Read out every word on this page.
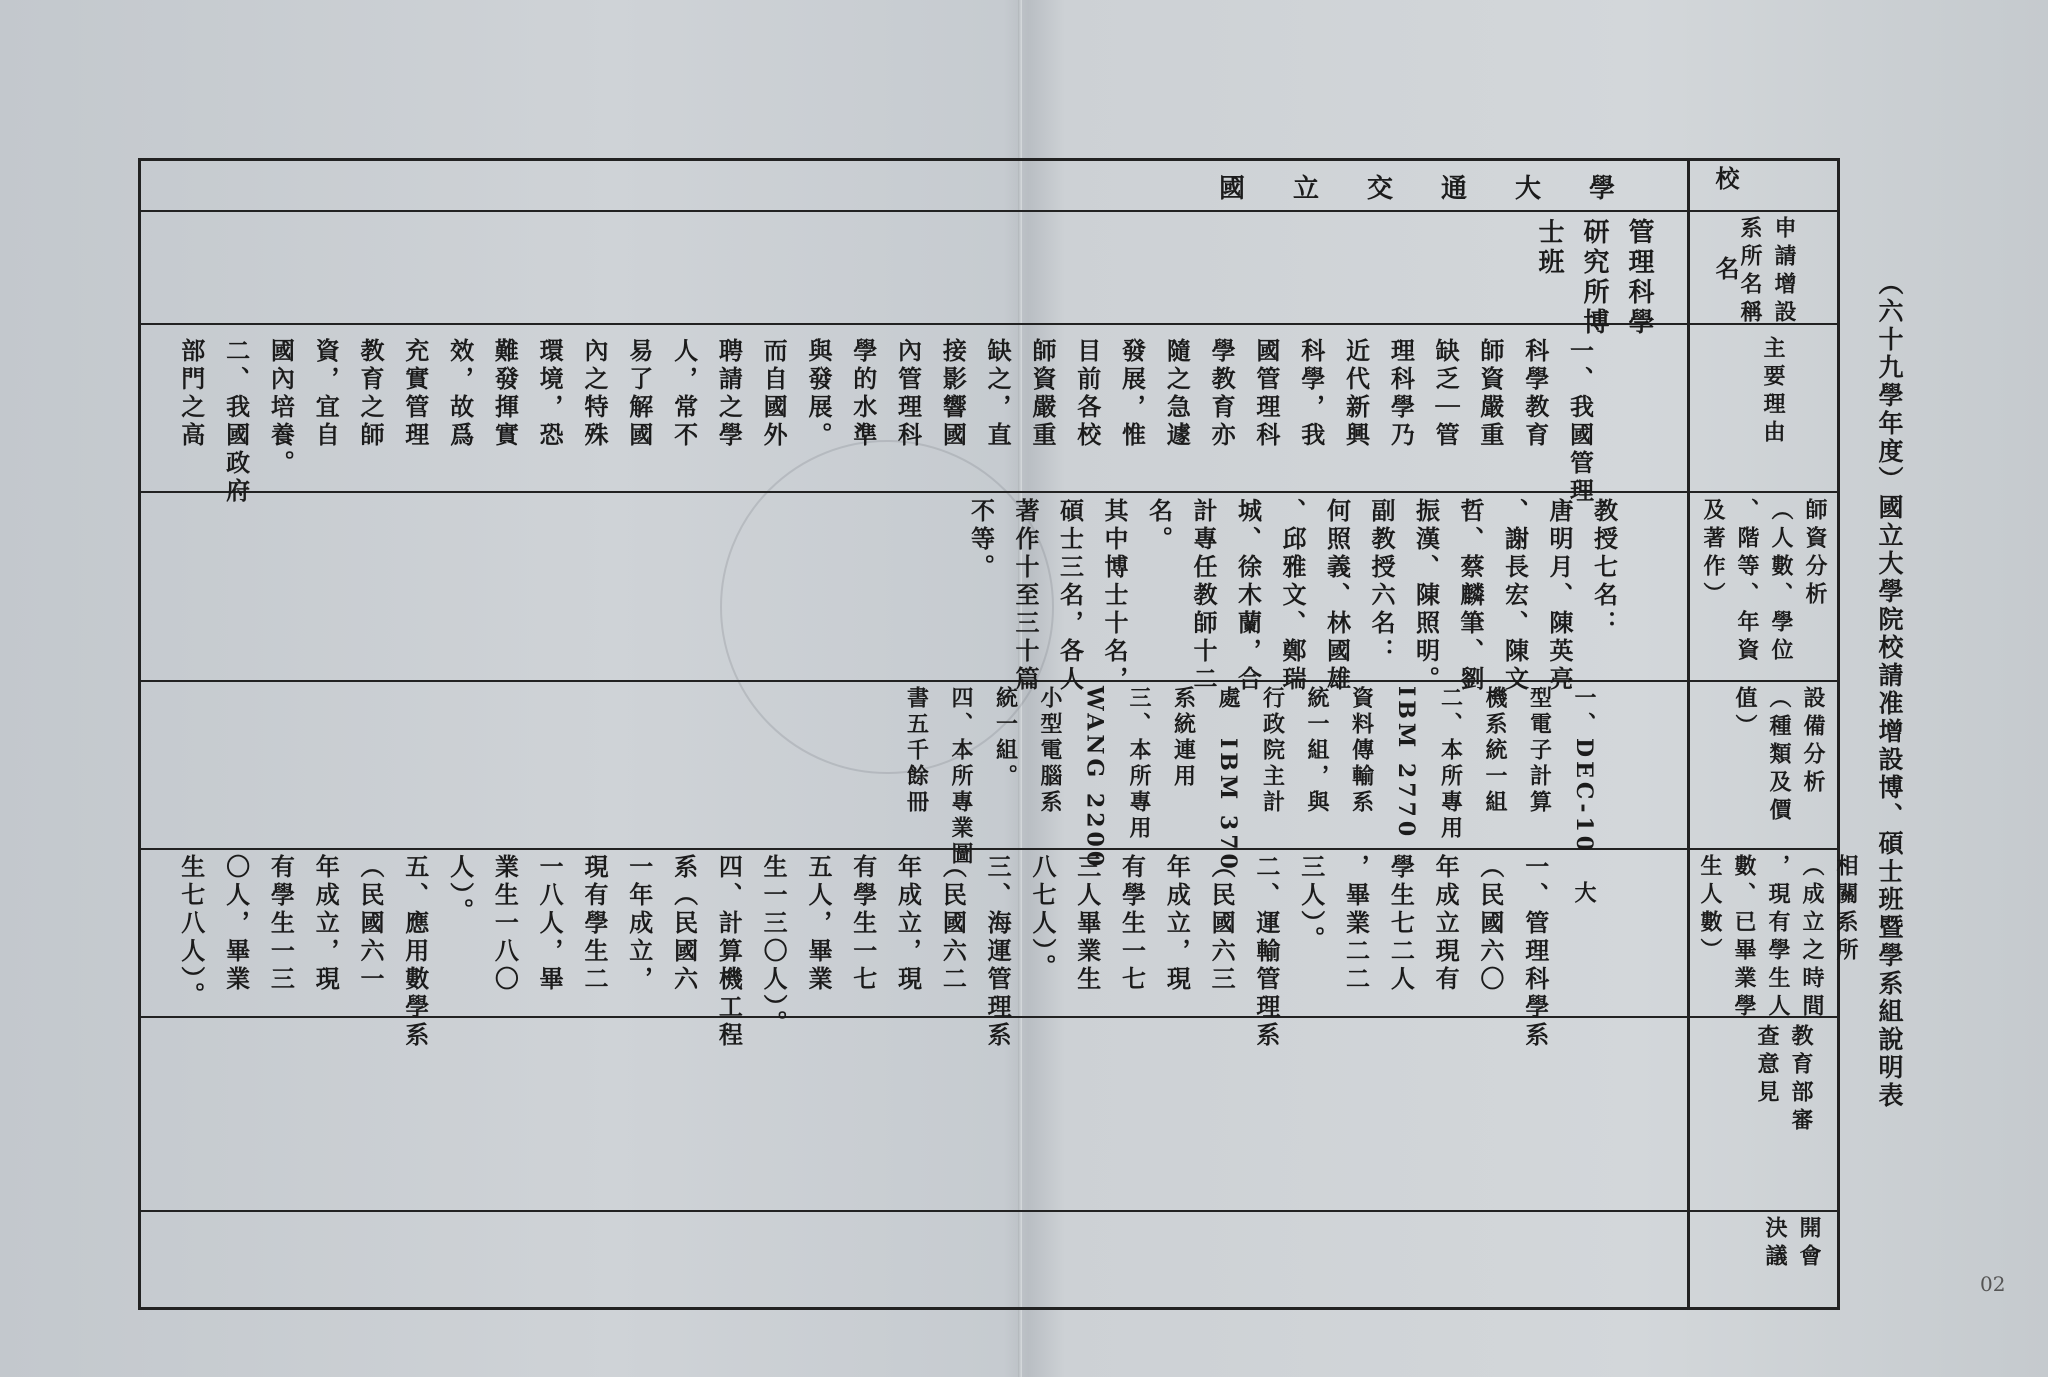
（六十九學年度）國立大學院校請准增設博、碩士班暨學系組說明表
校　　名	申請增設
系所名稱
主要理由
師資分析
（人數、學位
、階等、年資
及著作）
設備分析
（種類及價
值）
相關系所
（成立之時間
，現有學生人
數、已畢業學
生人數）
教育部審
查意見
開會
決議
國立交通大學
管理科學
研究所博
士班
一、我國管理
科學教育
師資嚴重
缺乏｜管
理科學乃
近代新興
科學，我
國管理科
學教育亦
隨之急遽
發展，惟
目前各校
師資嚴重
缺之，直
接影響國
內管理科
學的水準
與發展。
而自國外
聘請之學
人，常不
易了解國
內之特殊
環境，恐
難發揮實
效，故爲
充實管理
教育之師
資，宜自
國內培養。
二、我國政府
部門之高
教授七名：
唐明月、陳英亮
、謝長宏、陳文
哲、蔡麟筆、劉
振漢、陳照明。
副教授六名：
何照義、林國雄
、邱雅文、鄭瑞
城、徐木蘭，合
計專任教師十二
名。
其中博士十名，
碩士三名，各人
著作十至三十篇
不等。
一、DEC-10　大
型電子計算
機系統一組
二、本所專用
IBM 2770
資料傳輸系
統一組，與
行政院主計
處　IBM 370
系統連用
三、本所專用
WANG 2200
小型電腦系
統一組。
四、本所專業圖
書五千餘冊
一、管理科學系
（民國六〇
年成立現有
學生七二人
，畢業二二
三人）。
二、運輸管理系
（民國六三
年成立，現
有學生一七
三人畢業生
八七人）。
三、海運管理系
（民國六二
年成立，現
有學生一七
五人，畢業
生一三〇人）。
四、計算機工程
系（民國六
一年成立，
現有學生二
一八人，畢
業生一八〇
人）。
五、應用數學系
（民國六一
年成立，現
有學生一三
〇人，畢業
生七八人）。
02
